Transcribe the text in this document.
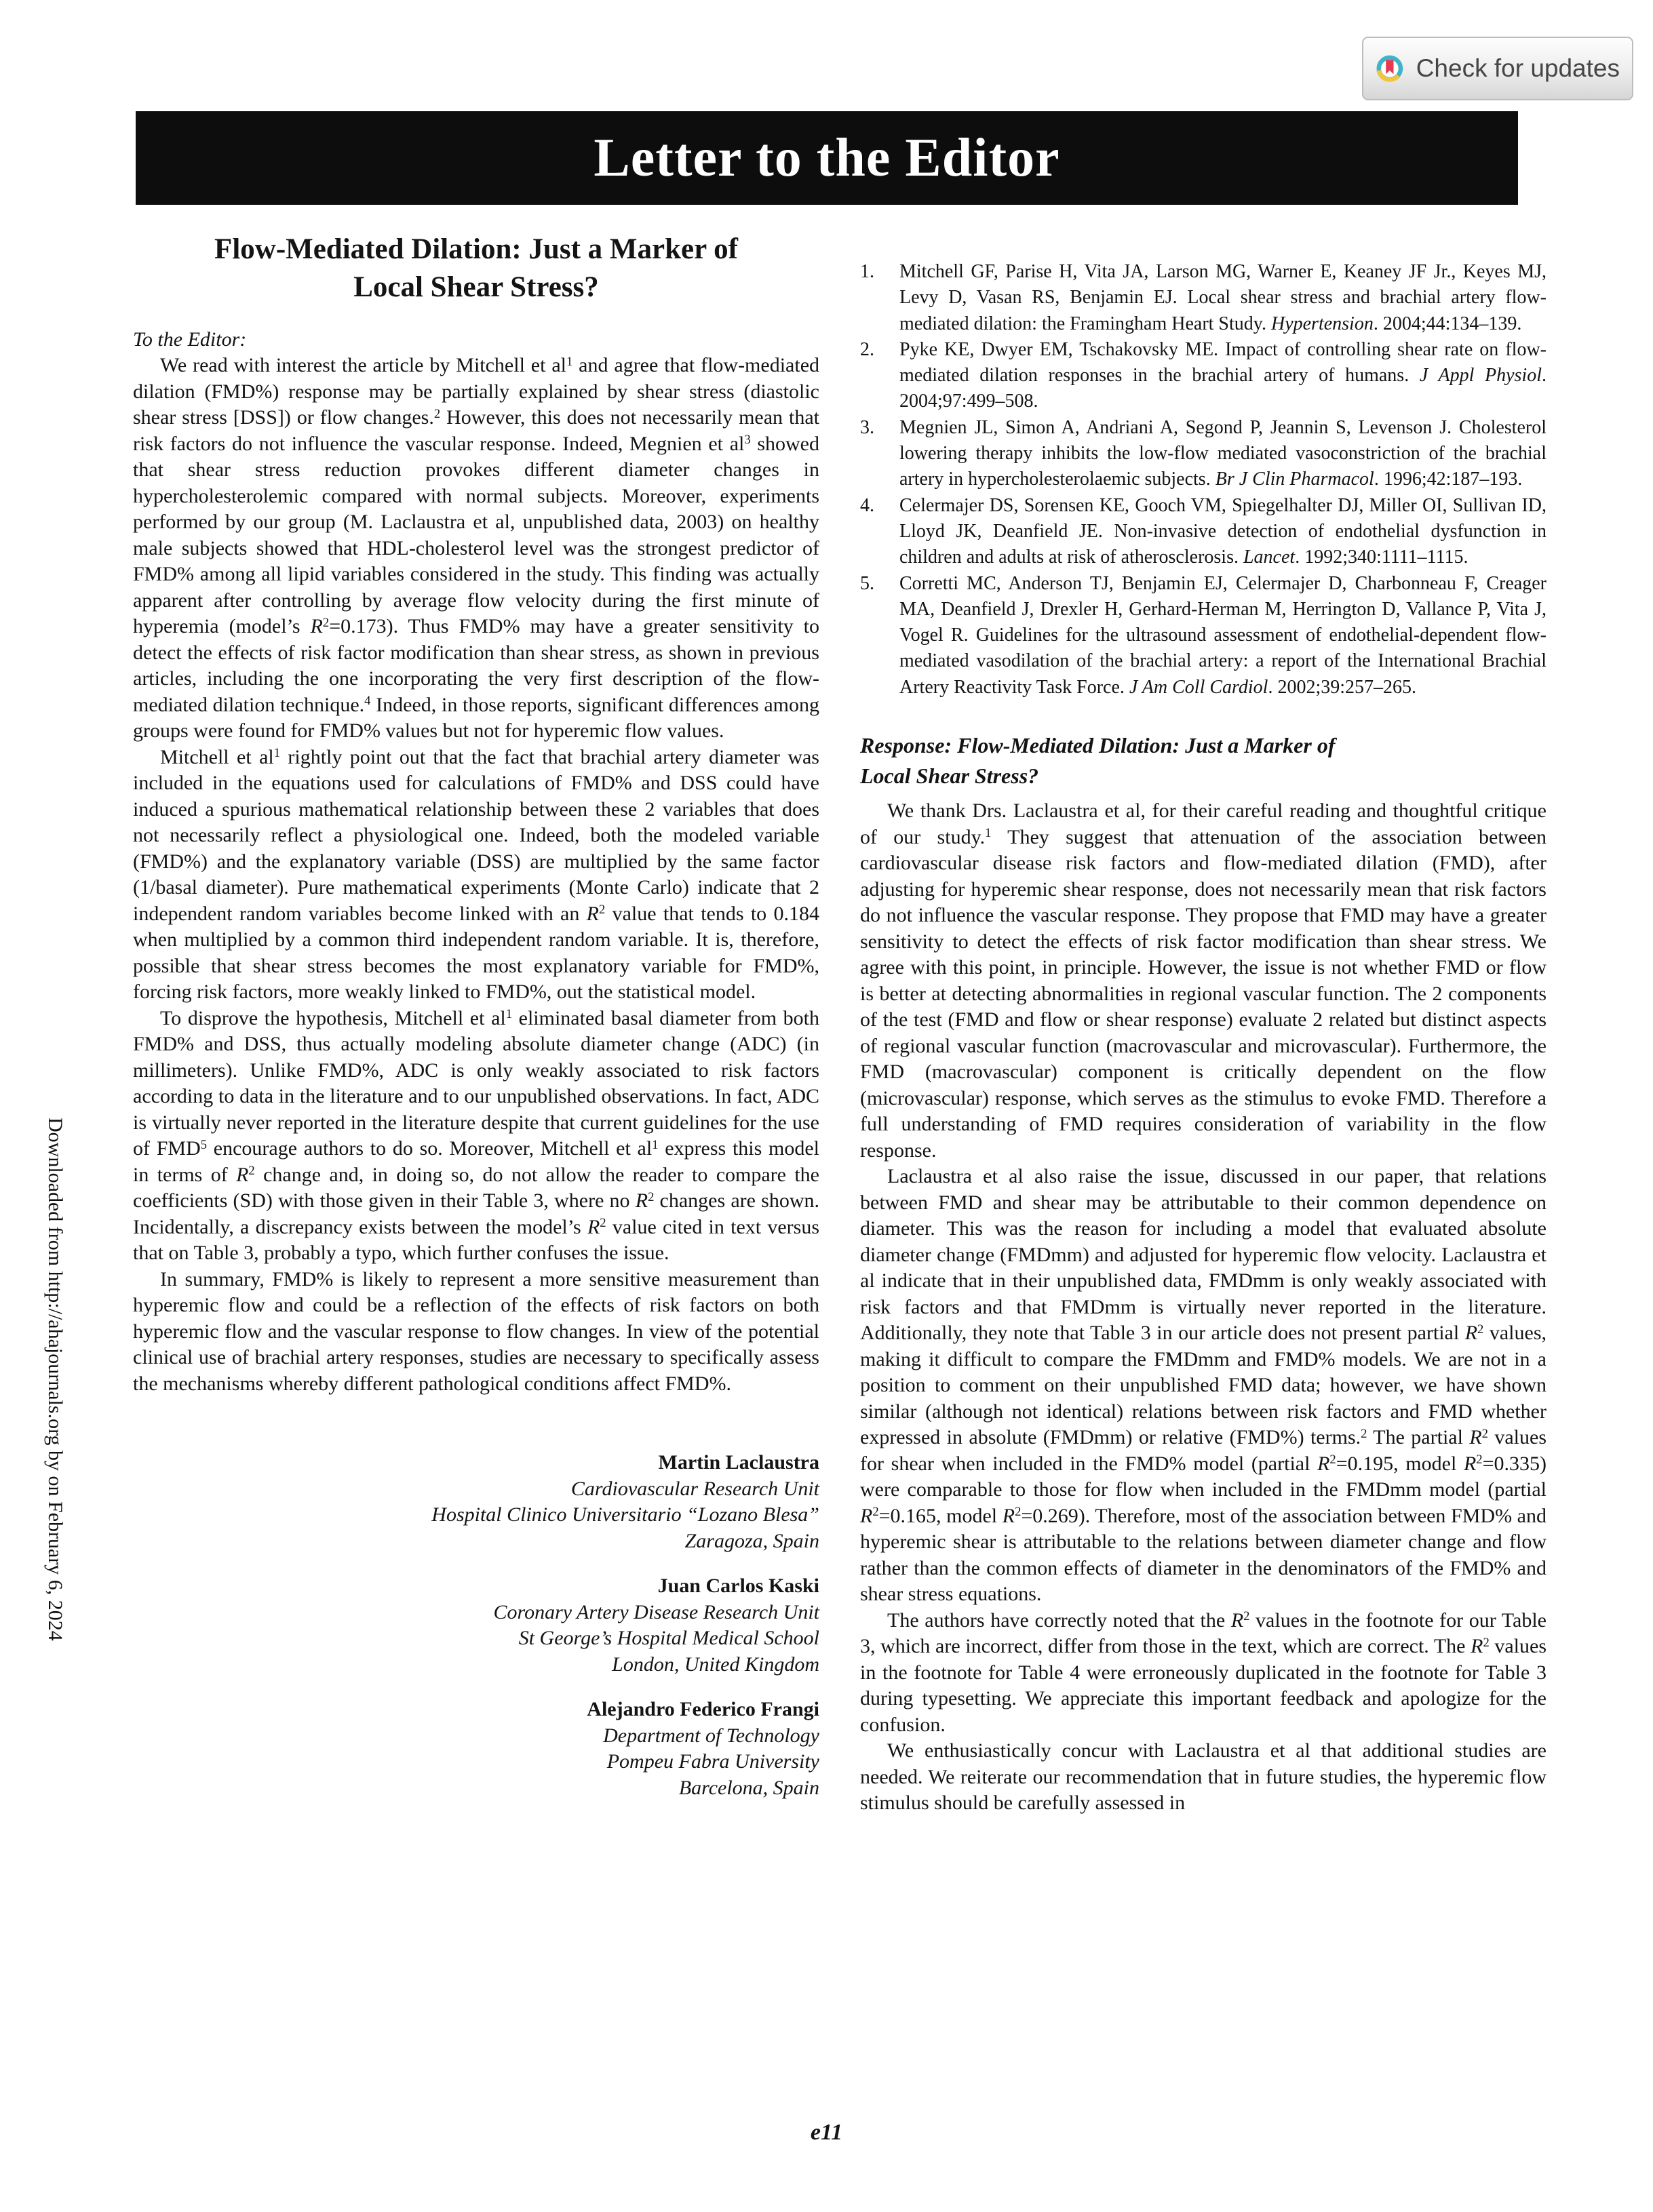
Check for updates
Letter to the Editor
Downloaded from http://ahajournals.org by on February 6, 2024
Flow-Mediated Dilation: Just a Marker of
Local Shear Stress?

To the Editor:

We read with interest the article by Mitchell et $al^1$ and agree that flow-mediated dilation (FMD%) response may be partially explained by shear stress (diastolic shear stress [DSS]) or flow changes.$^2$ However, this does not necessarily mean that risk factors do not influence the vascular response. Indeed, Megnien et $al^3$ showed that shear stress reduction provokes different diameter changes in hypercholesterolemic compared with normal subjects. Moreover, experiments performed by our group (M. Laclaustra et al, unpublished data, 2003) on healthy male subjects showed that HDL-cholesterol level was the strongest predictor of FMD% among all lipid variables considered in the study. This finding was actually apparent after controlling by average flow velocity during the first minute of hyperemia (model’s $R^2=0.173$). Thus FMD% may have a greater sensitivity to detect the effects of risk factor modification than shear stress, as shown in previous articles, including the one incorporating the very first description of the flow-mediated dilation technique.$^4$ Indeed, in those reports, significant differences among groups were found for FMD% values but not for hyperemic flow values.

Mitchell et $al^1$ rightly point out that the fact that brachial artery diameter was included in the equations used for calculations of FMD% and DSS could have induced a spurious mathematical relationship between these 2 variables that does not necessarily reflect a physiological one. Indeed, both the modeled variable (FMD%) and the explanatory variable (DSS) are multiplied by the same factor (1/basal diameter). Pure mathematical experiments (Monte Carlo) indicate that 2 independent random variables become linked with an $R^2$ value that tends to 0.184 when multiplied by a common third independent random variable. It is, therefore, possible that shear stress becomes the most explanatory variable for FMD%, forcing risk factors, more weakly linked to FMD%, out the statistical model.

To disprove the hypothesis, Mitchell et $al^1$ eliminated basal diameter from both FMD% and DSS, thus actually modeling absolute diameter change (ADC) (in millimeters). Unlike FMD%, ADC is only weakly associated to risk factors according to data in the literature and to our unpublished observations. In fact, ADC is virtually never reported in the literature despite that current guidelines for the use of FMD$^5$ encourage authors to do so. Moreover, Mitchell et $al^1$ express this model in terms of $R^2$ change and, in doing so, do not allow the reader to compare the coefficients (SD) with those given in their Table 3, where no $R^2$ changes are shown. Incidentally, a discrepancy exists between the model’s $R^2$ value cited in text versus that on Table 3, probably a typo, which further confuses the issue.

In summary, FMD% is likely to represent a more sensitive measurement than hyperemic flow and could be a reflection of the effects of risk factors on both hyperemic flow and the vascular response to flow changes. In view of the potential clinical use of brachial artery responses, studies are necessary to specifically assess the mechanisms whereby different pathological conditions affect FMD%.

Martin Laclaustra
Cardiovascular Research Unit
Hospital Clinico Universitario “Lozano Blesa”
Zaragoza, Spain
Juan Carlos Kaski
Coronary Artery Disease Research Unit
St George’s Hospital Medical School
London, United Kingdom
Alejandro Federico Frangi
Department of Technology
Pompeu Fabra University
Barcelona, Spain
1. Mitchell GF, Parise H, Vita JA, Larson MG, Warner E, Keaney JF Jr., Keyes MJ, Levy D, Vasan RS, Benjamin EJ. Local shear stress and brachial artery flow-mediated dilation: the Framingham Heart Study. Hypertension. 2004;44:134–139.
2. Pyke KE, Dwyer EM, Tschakovsky ME. Impact of controlling shear rate on flow-mediated dilation responses in the brachial artery of humans. J Appl Physiol. 2004;97:499–508.
3. Megnien JL, Simon A, Andriani A, Segond P, Jeannin S, Levenson J. Cholesterol lowering therapy inhibits the low-flow mediated vasoconstriction of the brachial artery in hypercholesterolaemic subjects. Br J Clin Pharmacol. 1996;42:187–193.
4. Celermajer DS, Sorensen KE, Gooch VM, Spiegelhalter DJ, Miller OI, Sullivan ID, Lloyd JK, Deanfield JE. Non-invasive detection of endothelial dysfunction in children and adults at risk of atherosclerosis. Lancet. 1992;340:1111–1115.
5. Corretti MC, Anderson TJ, Benjamin EJ, Celermajer D, Charbonneau F, Creager MA, Deanfield J, Drexler H, Gerhard-Herman M, Herrington D, Vallance P, Vita J, Vogel R. Guidelines for the ultrasound assessment of endothelial-dependent flow-mediated vasodilation of the brachial artery: a report of the International Brachial Artery Reactivity Task Force. J Am Coll Cardiol. 2002;39:257–265.
Response: Flow-Mediated Dilation: Just a Marker of
Local Shear Stress?

We thank Drs. Laclaustra et al, for their careful reading and thoughtful critique of our study.$^1$ They suggest that attenuation of the association between cardiovascular disease risk factors and flow-mediated dilation (FMD), after adjusting for hyperemic shear response, does not necessarily mean that risk factors do not influence the vascular response. They propose that FMD may have a greater sensitivity to detect the effects of risk factor modification than shear stress. We agree with this point, in principle. However, the issue is not whether FMD or flow is better at detecting abnormalities in regional vascular function. The 2 components of the test (FMD and flow or shear response) evaluate 2 related but distinct aspects of regional vascular function (macrovascular and microvascular). Furthermore, the FMD (macrovascular) component is critically dependent on the flow (microvascular) response, which serves as the stimulus to evoke FMD. Therefore a full understanding of FMD requires consideration of variability in the flow response.

Laclaustra et al also raise the issue, discussed in our paper, that relations between FMD and shear may be attributable to their common dependence on diameter. This was the reason for including a model that evaluated absolute diameter change (FMDmm) and adjusted for hyperemic flow velocity. Laclaustra et al indicate that in their unpublished data, FMDmm is only weakly associated with risk factors and that FMDmm is virtually never reported in the literature. Additionally, they note that Table 3 in our article does not present partial $R^2$ values, making it difficult to compare the FMDmm and FMD% models. We are not in a position to comment on their unpublished FMD data; however, we have shown similar (although not identical) relations between risk factors and FMD whether expressed in absolute (FMDmm) or relative (FMD%) terms.$^2$ The partial $R^2$ values for shear when included in the FMD% model (partial $R^2=0.195$, model $R^2=0.335$) were comparable to those for flow when included in the FMDmm model (partial $R^2=0.165$, model $R^2=0.269$). Therefore, most of the association between FMD% and hyperemic shear is attributable to the relations between diameter change and flow rather than the common effects of diameter in the denominators of the FMD% and shear stress equations.

The authors have correctly noted that the $R^2$ values in the footnote for our Table 3, which are incorrect, differ from those in the text, which are correct. The $R^2$ values in the footnote for Table 4 were erroneously duplicated in the footnote for Table 3 during typesetting. We appreciate this important feedback and apologize for the confusion.

We enthusiastically concur with Laclaustra et al that additional studies are needed. We reiterate our recommendation that in future studies, the hyperemic flow stimulus should be carefully assessed in

e11
